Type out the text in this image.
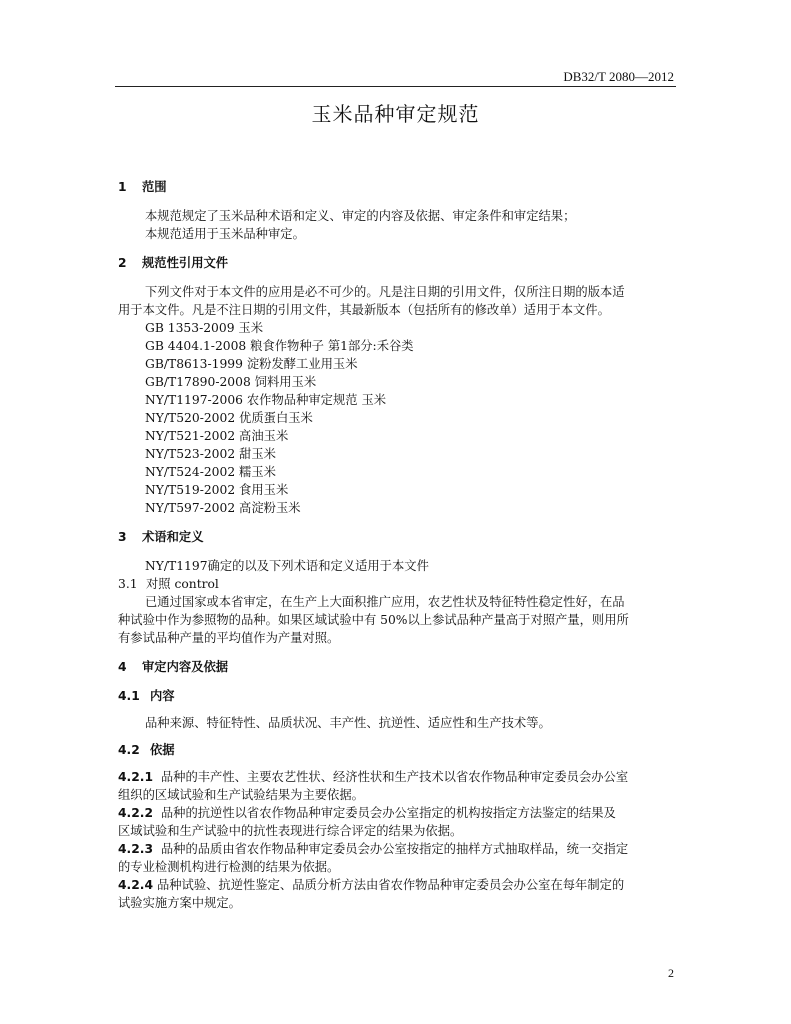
DB32/T 2080—2012
玉米品种审定规范
1 范围

本规范规定了玉米品种术语和定义、审定的内容及依据、审定条件和审定结果；

本规范适用于玉米品种审定。

2 规范性引用文件

下列文件对于本文件的应用是必不可少的。凡是注日期的引用文件，仅所注日期的版本适

用于本文件。凡是不注日期的引用文件，其最新版本（包括所有的修改单）适用于本文件。

GB 1353-2009 玉米
GB 4404.1-2008 粮食作物种子 第1部分:禾谷类
GB/T8613-1999 淀粉发酵工业用玉米
GB/T17890-2008 饲料用玉米
NY/T1197-2006 农作物品种审定规范 玉米
NY/T520-2002 优质蛋白玉米
NY/T521-2002 高油玉米
NY/T523-2002 甜玉米
NY/T524-2002 糯玉米
NY/T519-2002 食用玉米
NY/T597-2002 高淀粉玉米
3 术语和定义

NY/T1197确定的以及下列术语和定义适用于本文件

3.1 对照 control

已通过国家或本省审定，在生产上大面积推广应用，农艺性状及特征特性稳定性好，在品

种试验中作为参照物的品种。如果区域试验中有 50%以上参试品种产量高于对照产量，则用所

有参试品种产量的平均值作为产量对照。

4 审定内容及依据
4.1 内容

品种来源、特征特性、品质状况、丰产性、抗逆性、适应性和生产技术等。

4.2 依据

4.2.1 品种的丰产性、主要农艺性状、经济性状和生产技术以省农作物品种审定委员会办公室

组织的区域试验和生产试验结果为主要依据。

4.2.2 品种的抗逆性以省农作物品种审定委员会办公室指定的机构按指定方法鉴定的结果及

区域试验和生产试验中的抗性表现进行综合评定的结果为依据。

4.2.3 品种的品质由省农作物品种审定委员会办公室按指定的抽样方式抽取样品，统一交指定

的专业检测机构进行检测的结果为依据。

4.2.4 品种试验、抗逆性鉴定、品质分析方法由省农作物品种审定委员会办公室在每年制定的

试验实施方案中规定。

2
